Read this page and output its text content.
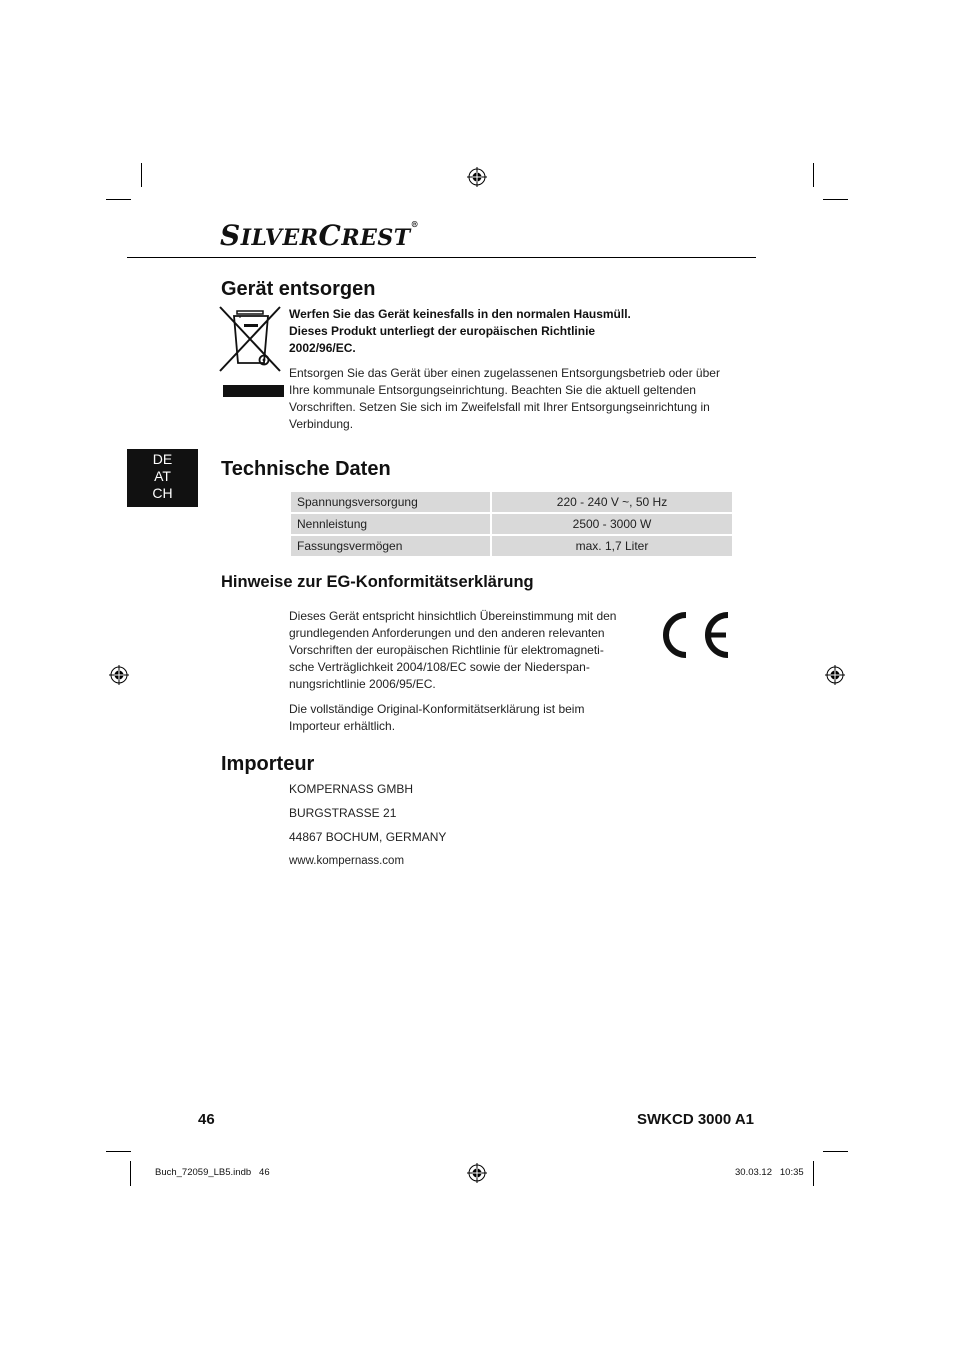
SILVERCREST®
Gerät entsorgen

Werfen Sie das Gerät keinesfalls in den normalen Hausmüll.
Dieses Produkt unterliegt der europäischen Richtlinie
2002/96/EC.

Entsorgen Sie das Gerät über einen zugelassenen Entsorgungsbetrieb oder über
Ihre kommunale Entsorgungseinrichtung. Beachten Sie die aktuell geltenden
Vorschriften. Setzen Sie sich im Zweifelsfall mit Ihrer Entsorgungseinrichtung in
Verbindung.

DE
AT
CH
Technische Daten
Spannungsversorgung	220 - 240 V ~, 50 Hz
Nennleistung	2500 - 3000 W
Fassungsvermögen	max. 1,7 Liter
Hinweise zur EG-Konformitätserklärung

Dieses Gerät entspricht hinsichtlich Übereinstimmung mit den
grundlegenden Anforderungen und den anderen relevanten
Vorschriften der europäischen Richtlinie für elektromagneti-
sche Verträglichkeit 2004/108/EC sowie der Niederspan-
nungsrichtlinie 2006/95/EC.

Die vollständige Original-Konformitätserklärung ist beim
Importeur erhältlich.

Importeur

KOMPERNASS GMBH

BURGSTRASSE 21

44867 BOCHUM, GERMANY

www.kompernass.com

46	SWKCD 3000 A1
Buch_72059_LB5.indb   46	30.03.12   10:35
